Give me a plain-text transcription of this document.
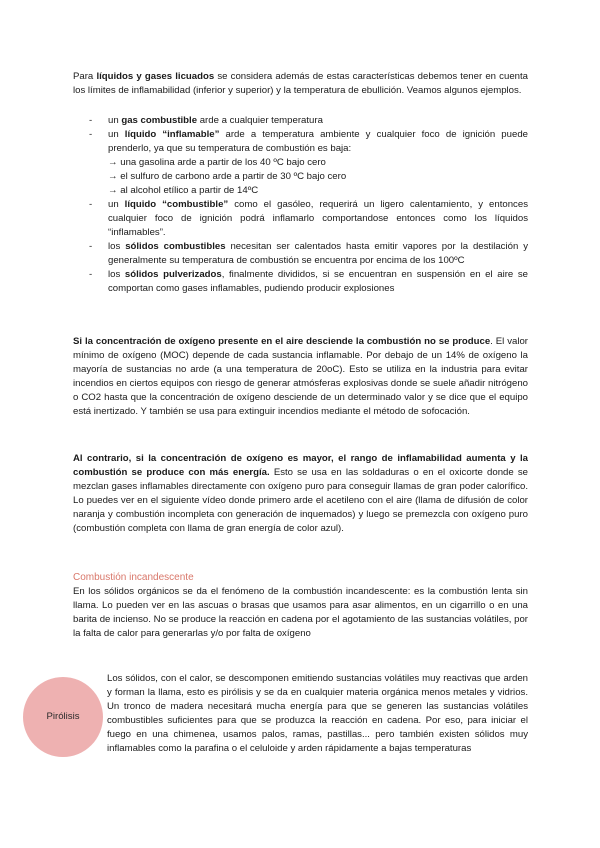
Para líquidos y gases licuados se considera además de estas características debemos tener en cuenta los límites de inflamabilidad (inferior y superior) y la temperatura de ebullición. Veamos algunos ejemplos.

- un gas combustible arde a cualquier temperatura
- un líquido “inflamable” arde a temperatura ambiente y cualquier foco de ignición puede prenderlo, ya que su temperatura de combustión es baja:
→ una gasolina arde a partir de los 40 ºC bajo cero
→ el sulfuro de carbono arde a partir de 30 ºC bajo cero
→ al alcohol etílico a partir de 14ºC
- un líquido “combustible” como el gasóleo, requerirá un ligero calentamiento, y entonces cualquier foco de ignición podrá inflamarlo comportandose entonces como los líquidos “inflamables”.
- los sólidos combustibles necesitan ser calentados hasta emitir vapores por la destilación y generalmente su temperatura de combustión se encuentra por encima de los 100ºC
- los sólidos pulverizados, finalmente divididos, si se encuentran en suspensión en el aire se comportan como gases inflamables, pudiendo producir explosiones

Si la concentración de oxígeno presente en el aire desciende la combustión no se produce. El valor mínimo de oxígeno (MOC) depende de cada sustancia inflamable. Por debajo de un 14% de oxígeno la mayoría de sustancias no arde (a una temperatura de 20oC). Esto se utiliza en la industria para evitar incendios en ciertos equipos con riesgo de generar atmósferas explosivas donde se suele añadir nitrógeno o CO2 hasta que la concentración de oxígeno desciende de un determinado valor y se dice que el equipo está inertizado. Y también se usa para extinguir incendios mediante el método de sofocación.

Al contrario, si la concentración de oxígeno es mayor, el rango de inflamabilidad aumenta y la combustión se produce con más energía. Esto se usa en las soldaduras o en el oxicorte donde se mezclan gases inflamables directamente con oxígeno puro para conseguir llamas de gran poder calorífico. Lo puedes ver en el siguiente vídeo donde primero arde el acetileno con el aire (llama de difusión de color naranja y combustión incompleta con generación de inquemados) y luego se premezcla con oxígeno puro (combustión completa con llama de gran energía de color azul).

Combustión incandescente

En los sólidos orgánicos se da el fenómeno de la combustión incandescente: es la combustión lenta sin llama. Lo pueden ver en las ascuas o brasas que usamos para asar alimentos, en un cigarrillo o en una barita de incienso. No se produce la reacción en cadena por el agotamiento de las sustancias volátiles, por la falta de calor para generarlas y/o por falta de oxígeno

Pirólisis

Los sólidos, con el calor, se descomponen emitiendo sustancias volátiles muy reactivas que arden y forman la llama, esto es pirólisis y se da en cualquier materia orgánica menos metales y vidrios. Un tronco de madera necesitará mucha energía para que se generen las sustancias volátiles combustibles suficientes para que se produzca la reacción en cadena. Por eso, para iniciar el fuego en una chimenea, usamos palos, ramas, pastillas... pero también existen sólidos muy inflamables como la parafina o el celuloide y arden rápidamente a bajas temperaturas
